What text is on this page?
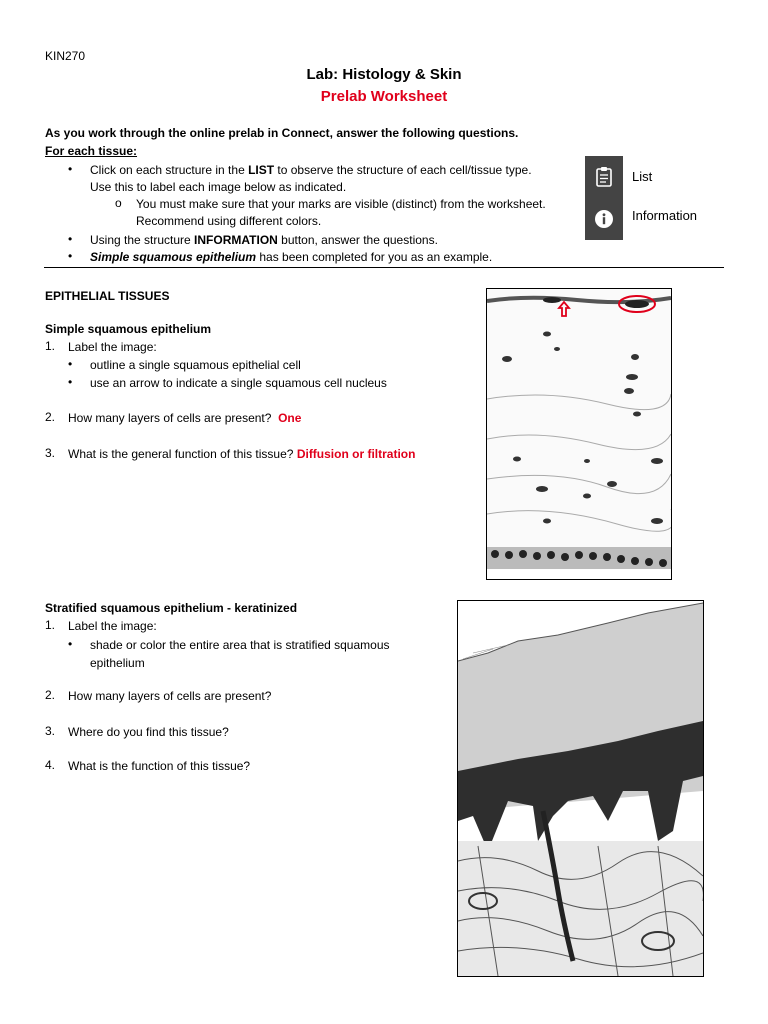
KIN270
Lab: Histology & Skin
Prelab Worksheet
As you work through the online prelab in Connect, answer the following questions.
For each tissue:
• Click on each structure in the LIST to observe the structure of each cell/tissue type.
Use this to label each image below as indicated.
o You must make sure that your marks are visible (distinct) from the worksheet.
Recommend using different colors.
• Using the structure INFORMATION button, answer the questions.
• Simple squamous epithelium has been completed for you as an example.
List
Information
EPITHELIAL TISSUES
Simple squamous epithelium
1. Label the image:
• outline a single squamous epithelial cell
• use an arrow to indicate a single squamous cell nucleus
2. How many layers of cells are present? One
3. What is the general function of this tissue? Diffusion or filtration
Stratified squamous epithelium - keratinized
1. Label the image:
• shade or color the entire area that is stratified squamous
epithelium
2. How many layers of cells are present?
3. Where do you find this tissue?
4. What is the function of this tissue?
